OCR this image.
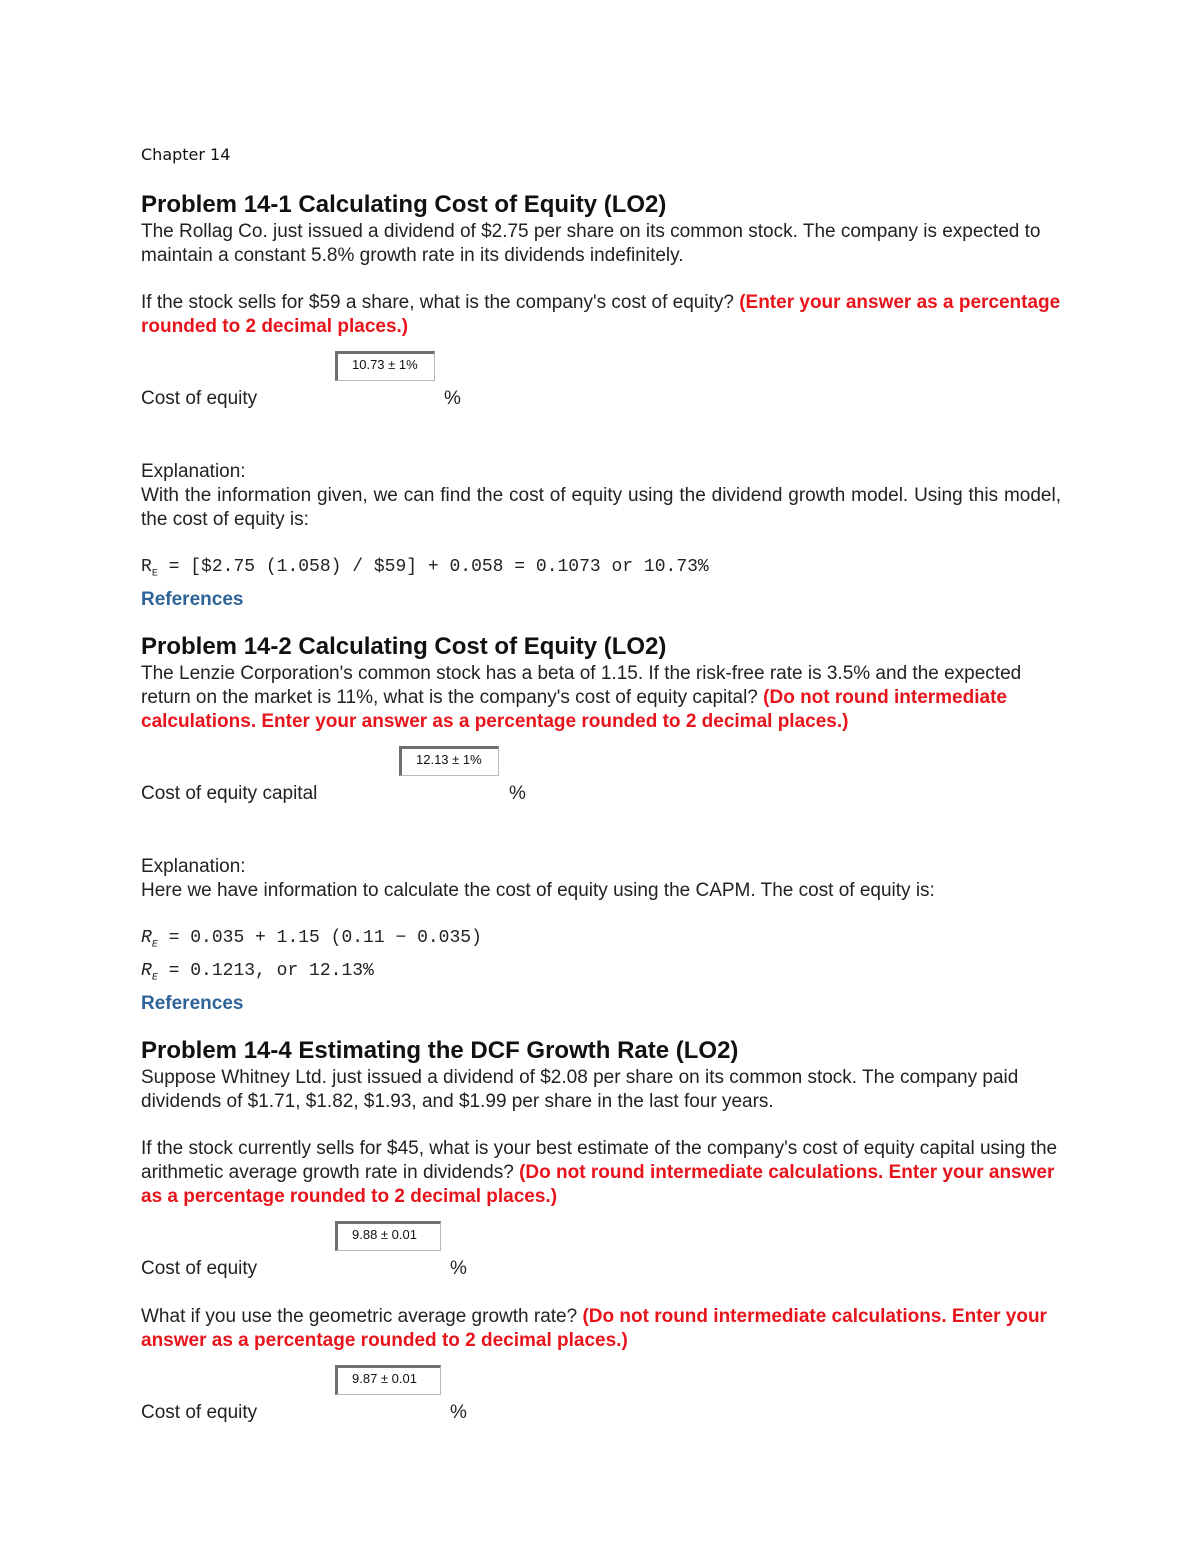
Chapter 14

Problem 14-1 Calculating Cost of Equity (LO2)

The Rollag Co. just issued a dividend of $2.75 per share on its common stock. The company is expected to maintain a constant 5.8% growth rate in its dividends indefinitely.

If the stock sells for $59 a share, what is the company's cost of equity? (Enter your answer as a percentage rounded to 2 decimal places.)

Cost of equity
10.73 ± 1%
%

Explanation:

With the information given, we can find the cost of equity using the dividend growth model. Using this model, the cost of equity is:

$R_E$ = [$2.75 (1.058) / $59] + 0.058 = 0.1073 or 10.73%

References

Problem 14-2 Calculating Cost of Equity (LO2)

The Lenzie Corporation's common stock has a beta of 1.15. If the risk-free rate is 3.5% and the expected return on the market is 11%, what is the company's cost of equity capital? (Do not round intermediate calculations. Enter your answer as a percentage rounded to 2 decimal places.)

Cost of equity capital
12.13 ± 1%
%

Explanation:

Here we have information to calculate the cost of equity using the CAPM. The cost of equity is:

$R_E = 0.035 + 1.15$ (0.11 − 0.035)

$R_E = 0.1213$, or 12.13%

References

Problem 14-4 Estimating the DCF Growth Rate (LO2)

Suppose Whitney Ltd. just issued a dividend of $2.08 per share on its common stock. The company paid dividends of $1.71, $1.82, $1.93, and $1.99 per share in the last four years.

If the stock currently sells for $45, what is your best estimate of the company's cost of equity capital using the arithmetic average growth rate in dividends? (Do not round intermediate calculations. Enter your answer as a percentage rounded to 2 decimal places.)

Cost of equity
9.88 ± 0.01
%

What if you use the geometric average growth rate? (Do not round intermediate calculations. Enter your answer as a percentage rounded to 2 decimal places.)

Cost of equity
9.87 ± 0.01
%
